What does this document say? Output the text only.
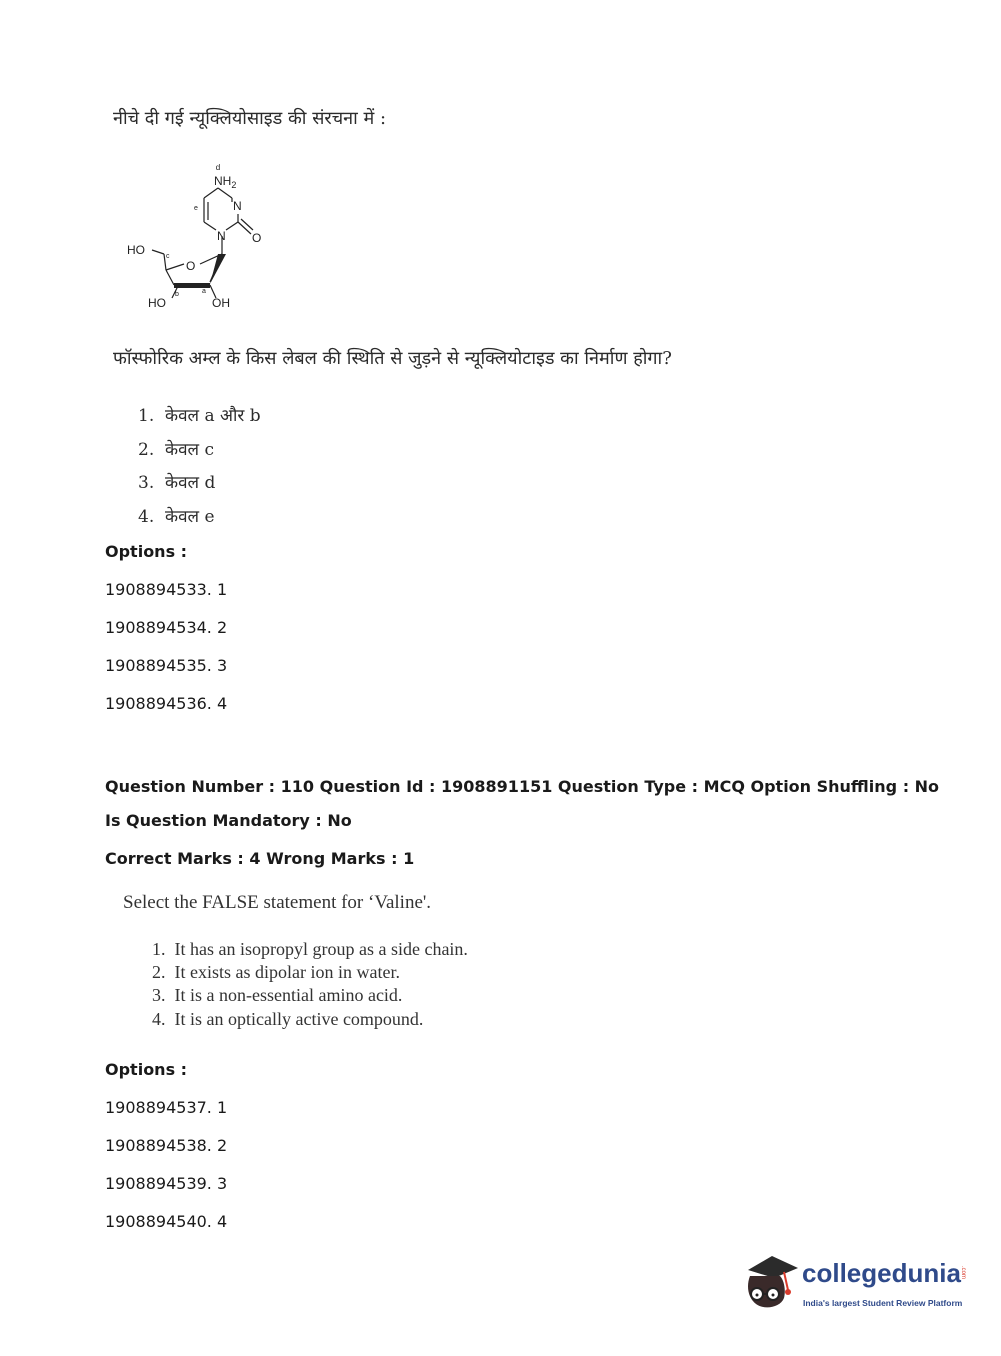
नीचे दी गई न्यूक्लियोसाइड की संरचना में :
d
$NH_2$
e	N
N O
HO	c
O
b	a
HO	OH
फॉस्फोरिक अम्ल के किस लेबल की स्थिति से जुड़ने से न्यूक्लियोटाइड का निर्माण होगा?
1. केवल a और b
2. केवल c
3. केवल d
4. केवल e
Options :
1908894533. 1
1908894534. 2
1908894535. 3
1908894536. 4
Question Number : 110 Question Id : 1908891151 Question Type : MCQ Option Shuffling : No
Is Question Mandatory : No
Correct Marks : 4 Wrong Marks : 1
Select the FALSE statement for ‘Valine'.
1. It has an isopropyl group as a side chain.
2. It exists as dipolar ion in water.
3. It is a non-essential amino acid.
4. It is an optically active compound.
Options :
1908894537. 1
1908894538. 2
1908894539. 3
1908894540. 4
collegedunia .com
India's largest Student Review Platform
